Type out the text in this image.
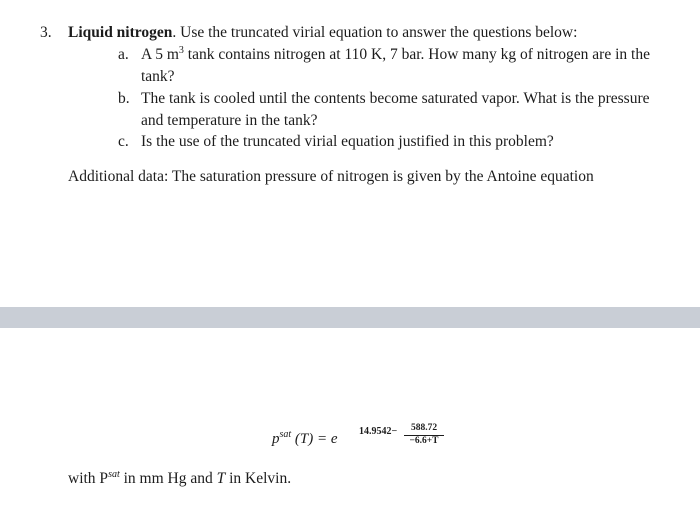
3. Liquid nitrogen. Use the truncated virial equation to answer the questions below:
a. A 5 $m^3$ tank contains nitrogen at 110 K, 7 bar. How many kg of nitrogen are in the
tank?
b. The tank is cooled until the contents become saturated vapor. What is the pressure
and temperature in the tank?
c. Is the use of the truncated virial equation justified in this problem?
Additional data: The saturation pressure of nitrogen is given by the Antoine equation
$p^{sat}$ (T) = e 14.9542−	588.72
−6.6+T
with $P^{sat}$ in mm Hg and T in Kelvin.
